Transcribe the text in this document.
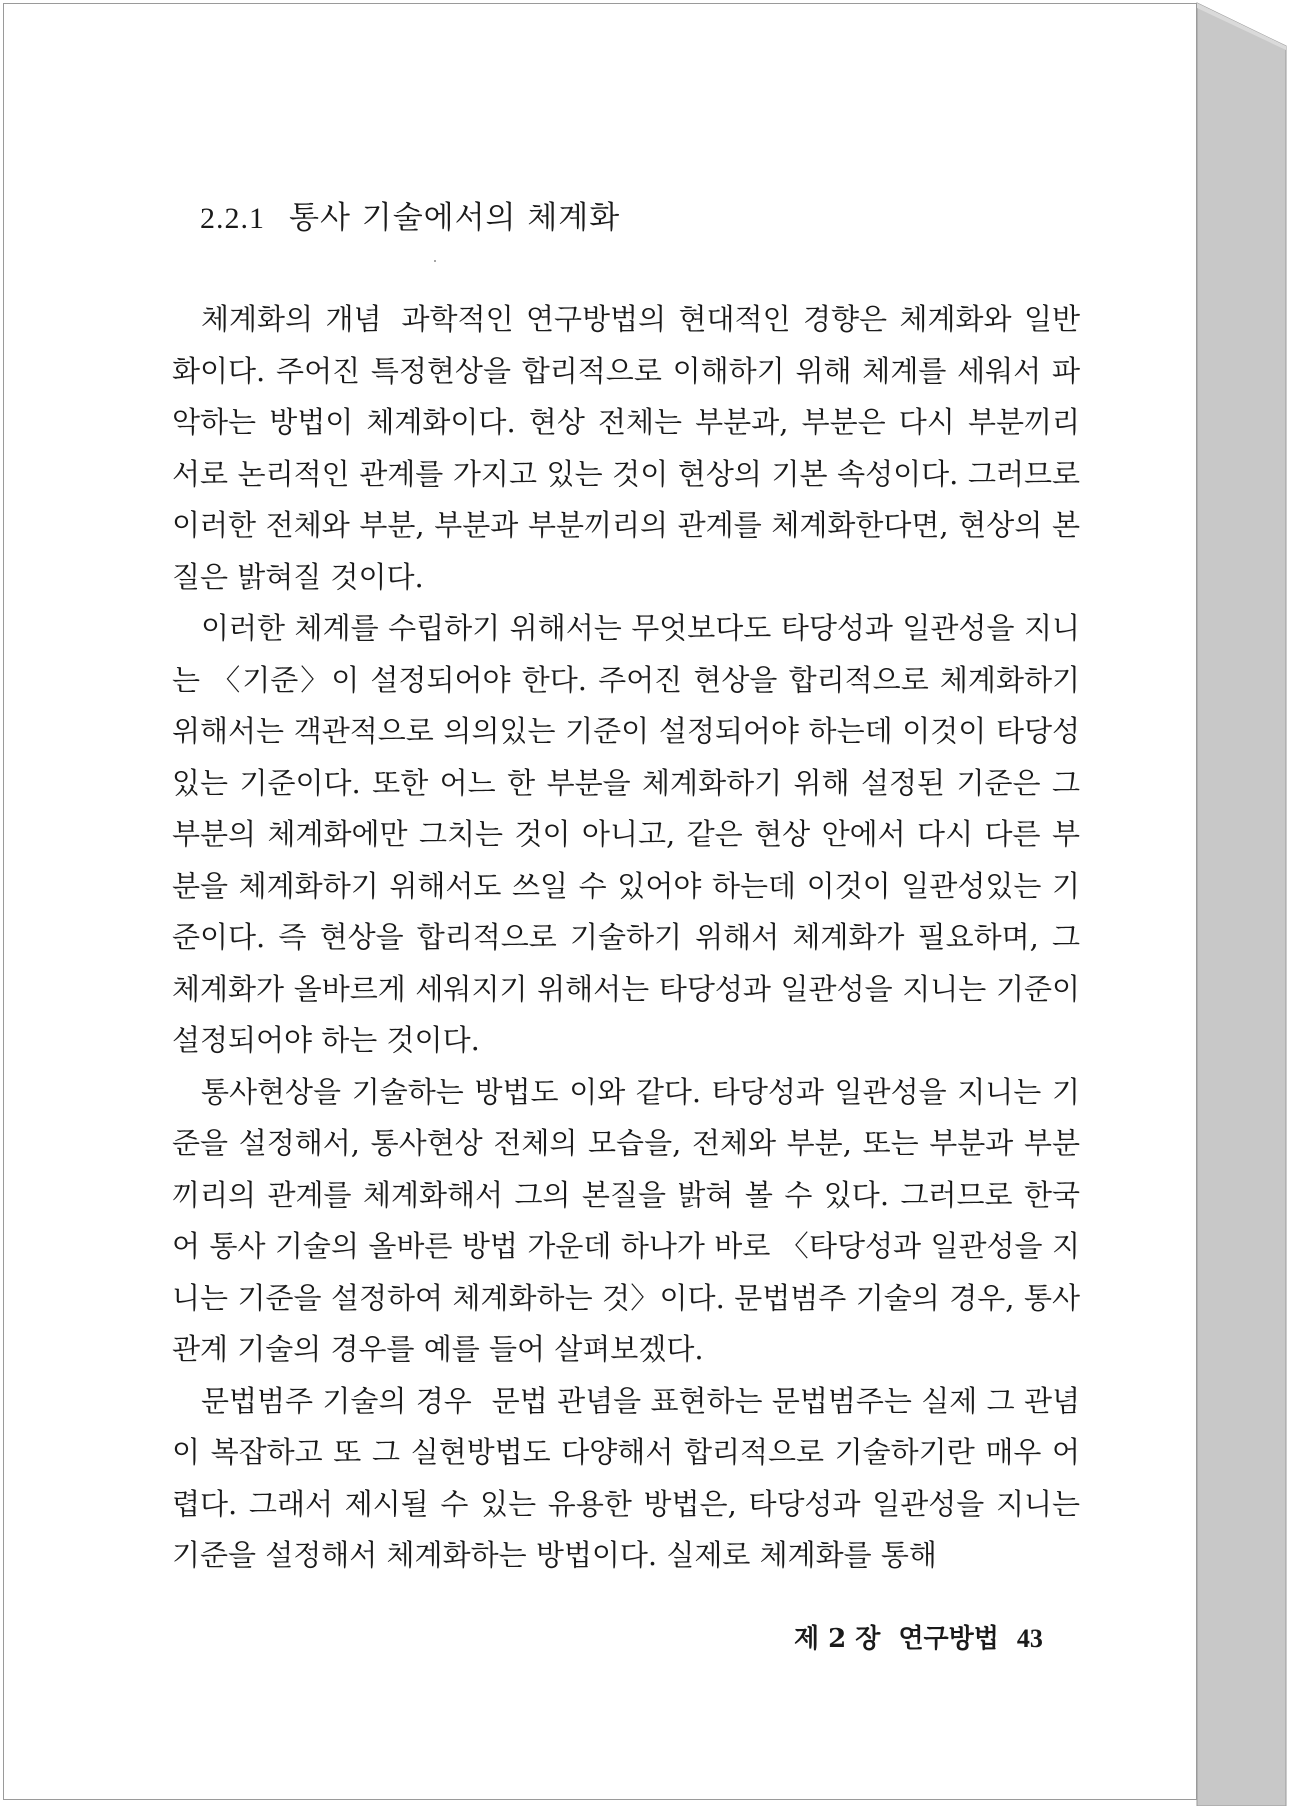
2.2.1 통사 기술에서의 체계화

체계화의 개념 과학적인 연구방법의 현대적인 경향은 체계화와 일반화이다. 주어진 특정현상을 합리적으로 이해하기 위해 체계를 세워서 파악하는 방법이 체계화이다. 현상 전체는 부분과, 부분은 다시 부분끼리 서로 논리적인 관계를 가지고 있는 것이 현상의 기본 속성이다. 그러므로 이러한 전체와 부분, 부분과 부분끼리의 관계를 체계화한다면, 현상의 본질은 밝혀질 것이다.

이러한 체계를 수립하기 위해서는 무엇보다도 타당성과 일관성을 지니는 〈기준〉이 설정되어야 한다. 주어진 현상을 합리적으로 체계화하기 위해서는 객관적으로 의의있는 기준이 설정되어야 하는데 이것이 타당성있는 기준이다. 또한 어느 한 부분을 체계화하기 위해 설정된 기준은 그 부분의 체계화에만 그치는 것이 아니고, 같은 현상 안에서 다시 다른 부분을 체계화하기 위해서도 쓰일 수 있어야 하는데 이것이 일관성있는 기준이다. 즉 현상을 합리적으로 기술하기 위해서 체계화가 필요하며, 그 체계화가 올바르게 세워지기 위해서는 타당성과 일관성을 지니는 기준이 설정되어야 하는 것이다.

통사현상을 기술하는 방법도 이와 같다. 타당성과 일관성을 지니는 기준을 설정해서, 통사현상 전체의 모습을, 전체와 부분, 또는 부분과 부분끼리의 관계를 체계화해서 그의 본질을 밝혀 볼 수 있다. 그러므로 한국어 통사 기술의 올바른 방법 가운데 하나가 바로 〈타당성과 일관성을 지니는 기준을 설정하여 체계화하는 것〉이다. 문법범주 기술의 경우, 통사 관계 기술의 경우를 예를 들어 살펴보겠다.

문법범주 기술의 경우 문법 관념을 표현하는 문법범주는 실제 그 관념이 복잡하고 또 그 실현방법도 다양해서 합리적으로 기술하기란 매우 어렵다. 그래서 제시될 수 있는 유용한 방법은, 타당성과 일관성을 지니는 기준을 설정해서 체계화하는 방법이다. 실제로 체계화를 통해

제 2 장 연구방법 43
